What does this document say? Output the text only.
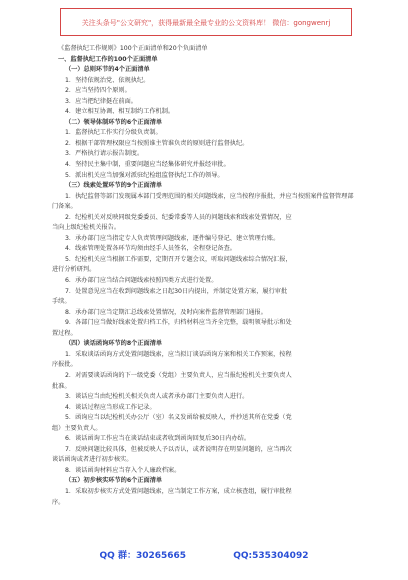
关注头条号"公文研究"，获得最新最全最专业的公文资料库！ 微信：gongwenrj
《监督执纪工作规则》100个正面清单和20个负面清单
一、监督执纪工作的100个正面清单
（一）总则环节的4个正面清单
1．坚持依规治党、依规执纪。
2．应当坚持四个原则。
3．应当把纪律挺在前面。
4．建立相互协调、相互制约工作机制。
（二）领导体制环节的6个正面清单
1．监督执纪工作实行分级负责制。
2．根据干部管理权限应当按照谁主管谁负责的原则进行监督执纪。
3．严格执行请示报告制度。
4．坚持民主集中制，重要问题应当经集体研究并报经审批。
5．派出机关应当加强对派驻纪检组监督执纪工作的领导。
（三）线索处置环节的9个正面清单
1．执纪监督等部门发现属本部门受理范围的相关问题线索，应当按程序报批，并应当按照案件监督管理部
门备案。
2．纪检机关对反映同级党委委员、纪委常委等人员的问题线索和线索处置情况，应
当向上级纪检机关报告。
3．承办部门应当指定专人负责管理问题线索，逐件编号登记、建立管理台账。
4．线索管理处置各环节均须由经手人员签名，全程登记备查。
5．纪检机关应当根据工作需要，定期召开专题会议，听取问题线索综合情况汇报，
进行分析研判。
6．承办部门应当结合问题线索按照四类方式进行处置。
7．处置意见应当在收到问题线索之日起30日内提出，并制定处置方案，履行审批
手续。
8．承办部门应当定期汇总线索处置情况，及时向案件监督管理部门通报。
9．各部门应当做好线索处置归档工作，归档材料应当齐全完整，载明领导批示和处
置过程。
（四）谈话函询环节的8个正面清单
1．采取谈话函询方式处置问题线索，应当拟订谈话函询方案和相关工作预案，按程
序报批。
2．对需要谈话函询的下一级党委（党组）主要负责人，应当报纪检机关主要负责人
批准。
3．谈话应当由纪检机关相关负责人或者承办部门主要负责人进行。
4．谈话过程应当形成工作记录。
5．函询应当以纪检机关办公厅（室）名义发函给被反映人，并抄送其所在党委（党
组）主要负责人。
6．谈话函询工作应当在谈话结束或者收到函询回复后30日内办结。
7．反映问题比较具体，但被反映人予以否认，或者说明存在明显问题的，应当再次
谈话函询或者进行初步核实。
8．谈话函询材料应当存入个人廉政档案。
（五）初步核实环节的6个正面清单
1．采取初步核实方式处置问题线索，应当制定工作方案，成立核查组，履行审批程
序。
QQ 群：30265665	QQ:535304092
